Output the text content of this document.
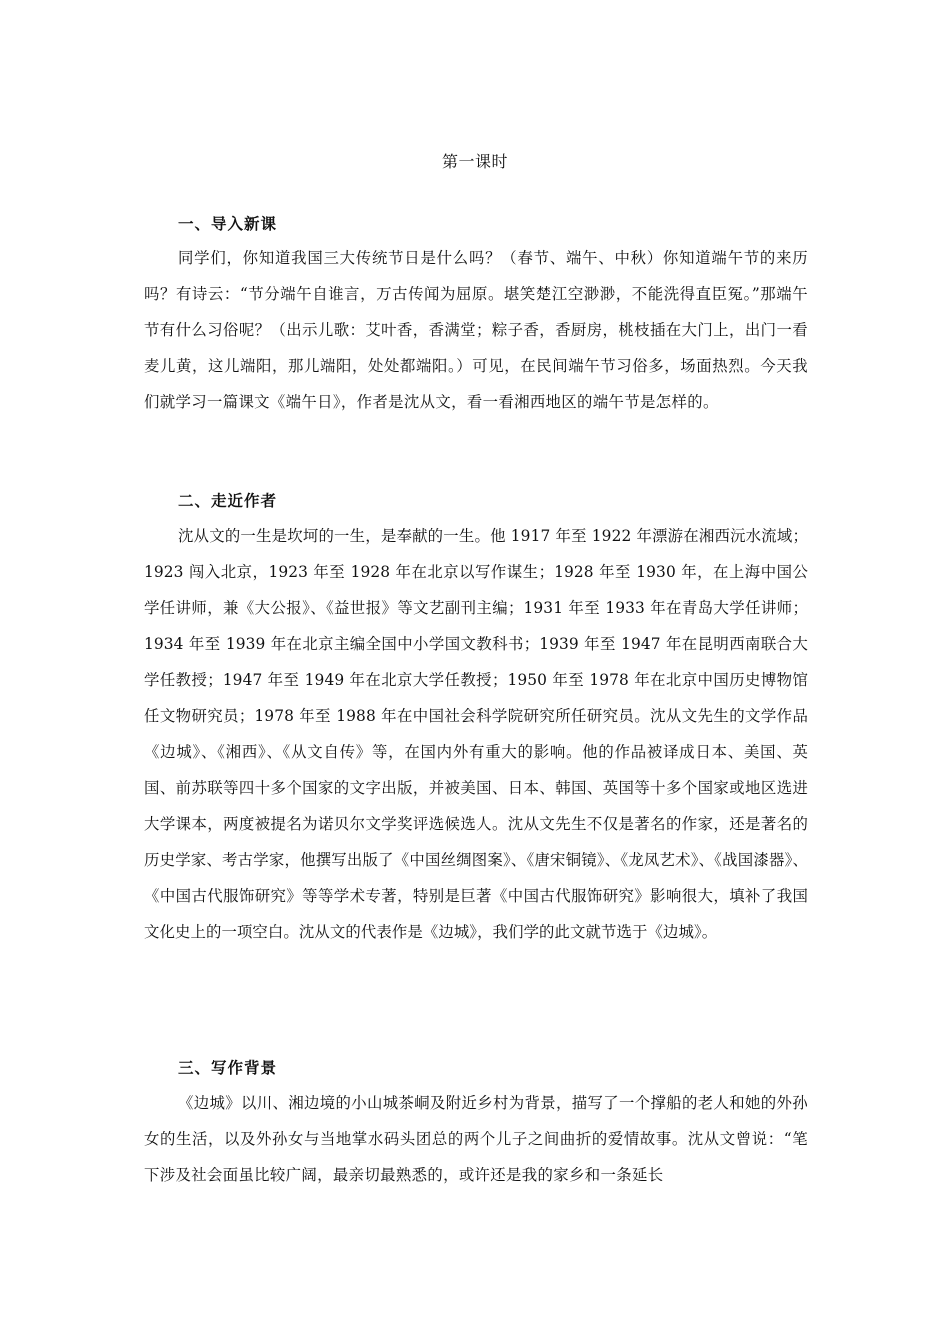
第一课时
一、导入新课
同学们，你知道我国三大传统节日是什么吗？（春节、端午、中秋）你知道端午节的来历吗？有诗云：“节分端午自谁言，万古传闻为屈原。堪笑楚江空渺渺，不能洗得直臣冤。”那端午节有什么习俗呢？（出示儿歌：艾叶香，香满堂；粽子香，香厨房，桃枝插在大门上，出门一看麦儿黄，这儿端阳，那儿端阳，处处都端阳。）可见，在民间端午节习俗多，场面热烈。今天我们就学习一篇课文《端午日》，作者是沈从文，看一看湘西地区的端午节是怎样的。
二、走近作者
沈从文的一生是坎坷的一生，是奉献的一生。他 1917 年至 1922 年漂游在湘西沅水流域；1923 闯入北京，1923 年至 1928 年在北京以写作谋生；1928 年至 1930 年，在上海中国公学任讲师，兼《大公报》、《益世报》等文艺副刊主编；1931 年至 1933 年在青岛大学任讲师；1934 年至 1939 年在北京主编全国中小学国文教科书；1939 年至 1947 年在昆明西南联合大学任教授；1947 年至 1949 年在北京大学任教授；1950 年至 1978 年在北京中国历史博物馆任文物研究员；1978 年至 1988 年在中国社会科学院研究所任研究员。沈从文先生的文学作品《边城》、《湘西》、《从文自传》等，在国内外有重大的影响。他的作品被译成日本、美国、英国、前苏联等四十多个国家的文字出版，并被美国、日本、韩国、英国等十多个国家或地区选进大学课本，两度被提名为诺贝尔文学奖评选候选人。沈从文先生不仅是著名的作家，还是著名的历史学家、考古学家，他撰写出版了《中国丝绸图案》、《唐宋铜镜》、《龙凤艺术》、《战国漆器》、《中国古代服饰研究》等等学术专著，特别是巨著《中国古代服饰研究》影响很大，填补了我国文化史上的一项空白。沈从文的代表作是《边城》，我们学的此文就节选于《边城》。
三、写作背景
《边城》以川、湘边境的小山城茶峒及附近乡村为背景，描写了一个撑船的老人和她的外孙女的生活，以及外孙女与当地掌水码头团总的两个儿子之间曲折的爱情故事。沈从文曾说：“笔下涉及社会面虽比较广阔，最亲切最熟悉的，或许还是我的家乡和一条延长
